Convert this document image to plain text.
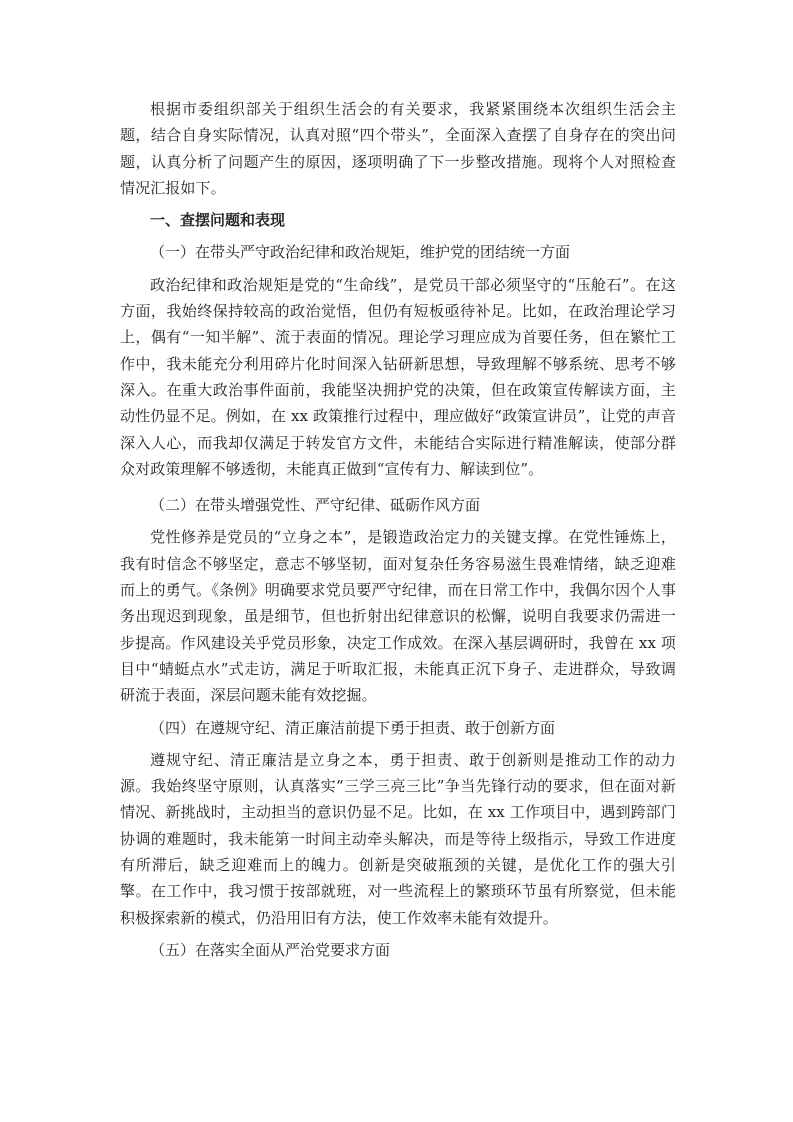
根据市委组织部关于组织生活会的有关要求，我紧紧围绕本次组织生活会主题，结合自身实际情况，认真对照“四个带头”，全面深入查摆了自身存在的突出问题，认真分析了问题产生的原因，逐项明确了下一步整改措施。现将个人对照检查情况汇报如下。

一、查摆问题和表现

（一）在带头严守政治纪律和政治规矩，维护党的团结统一方面

政治纪律和政治规矩是党的“生命线”，是党员干部必须坚守的“压舱石”。在这方面，我始终保持较高的政治觉悟，但仍有短板亟待补足。比如，在政治理论学习上，偶有“一知半解”、流于表面的情况。理论学习理应成为首要任务，但在繁忙工作中，我未能充分利用碎片化时间深入钻研新思想，导致理解不够系统、思考不够深入。在重大政治事件面前，我能坚决拥护党的决策，但在政策宣传解读方面，主动性仍显不足。例如，在 xx 政策推行过程中，理应做好“政策宣讲员”，让党的声音深入人心，而我却仅满足于转发官方文件，未能结合实际进行精准解读，使部分群众对政策理解不够透彻，未能真正做到“宣传有力、解读到位”。

（二）在带头增强党性、严守纪律、砥砺作风方面

党性修养是党员的“立身之本”，是锻造政治定力的关键支撑。在党性锤炼上，我有时信念不够坚定，意志不够坚韧，面对复杂任务容易滋生畏难情绪，缺乏迎难而上的勇气。《条例》明确要求党员要严守纪律，而在日常工作中，我偶尔因个人事务出现迟到现象，虽是细节，但也折射出纪律意识的松懈，说明自我要求仍需进一步提高。作风建设关乎党员形象，决定工作成效。在深入基层调研时，我曾在 xx 项目中“蜻蜓点水”式走访，满足于听取汇报，未能真正沉下身子、走进群众，导致调研流于表面，深层问题未能有效挖掘。

（四）在遵规守纪、清正廉洁前提下勇于担责、敢于创新方面

遵规守纪、清正廉洁是立身之本，勇于担责、敢于创新则是推动工作的动力源。我始终坚守原则，认真落实“三学三亮三比”争当先锋行动的要求，但在面对新情况、新挑战时，主动担当的意识仍显不足。比如，在 xx 工作项目中，遇到跨部门协调的难题时，我未能第一时间主动牵头解决，而是等待上级指示，导致工作进度有所滞后，缺乏迎难而上的魄力。创新是突破瓶颈的关键，是优化工作的强大引擎。在工作中，我习惯于按部就班，对一些流程上的繁琐环节虽有所察觉，但未能积极探索新的模式，仍沿用旧有方法，使工作效率未能有效提升。

（五）在落实全面从严治党要求方面
